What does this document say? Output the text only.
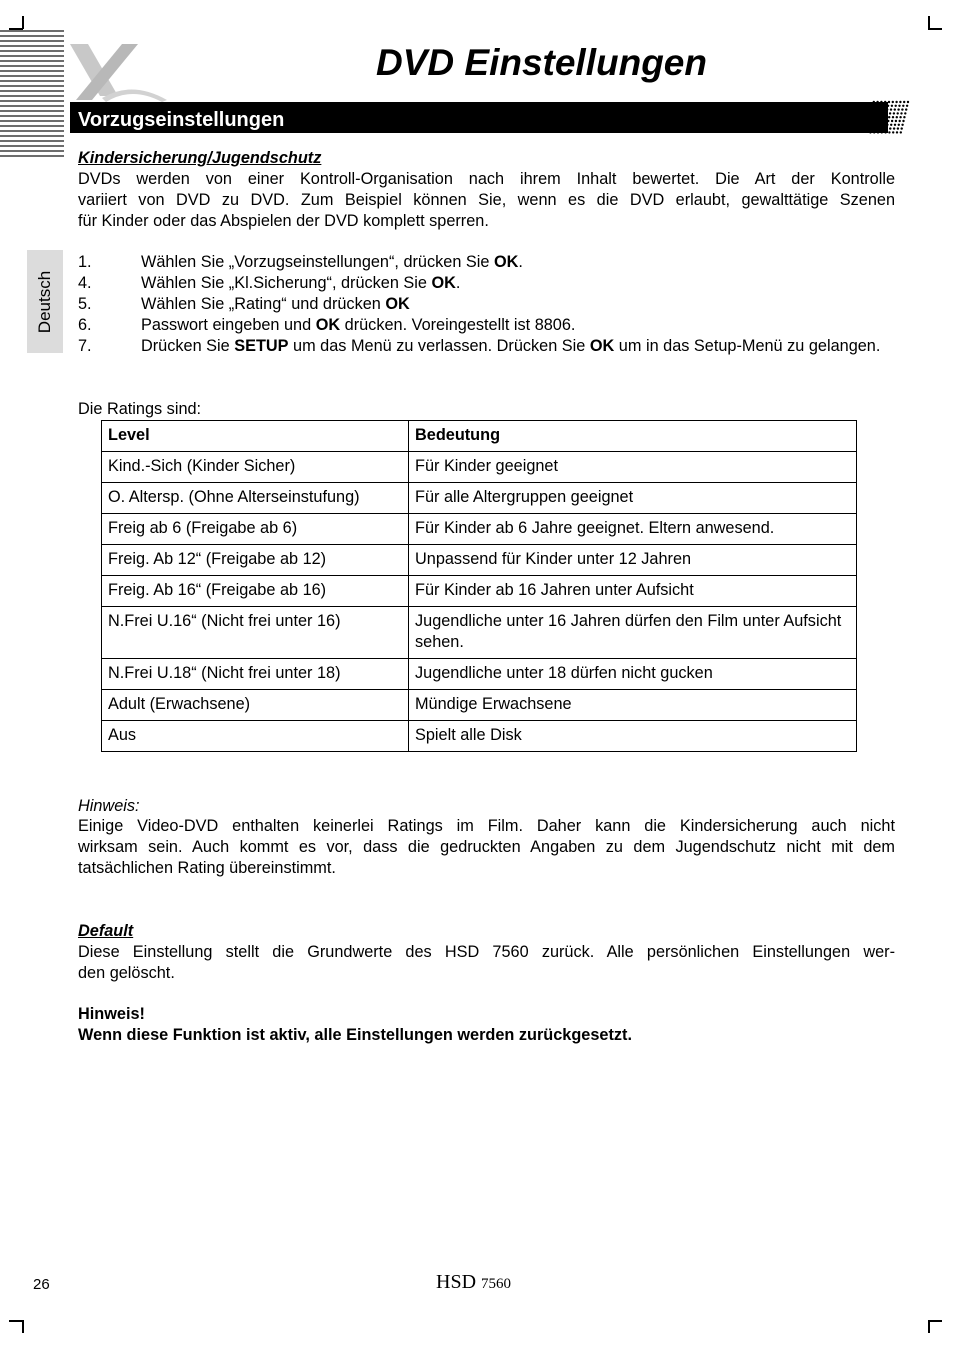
DVD Einstellungen
Vorzugseinstellungen
Deutsch
Kindersicherung/Jugendschutz
DVDs werden von einer Kontroll-Organisation nach ihrem Inhalt bewertet. Die Art der Kontrolle
variiert von DVD zu DVD. Zum Beispiel können Sie, wenn es die DVD erlaubt, gewalttätige Szenen
für Kinder oder das Abspielen der DVD komplett sperren.
1.	Wählen Sie „Vorzugseinstellungen“, drücken Sie OK.
4.	Wählen Sie „Kl.Sicherung“, drücken Sie OK.
5.	Wählen Sie „Rating“ und drücken OK
6.	Passwort eingeben und OK drücken. Voreingestellt ist 8806.
7.	Drücken Sie SETUP um das Menü zu verlassen. Drücken Sie OK um in das Setup-Menü zu gelangen.
Die Ratings sind:
Level	Bedeutung
Kind.-Sich (Kinder Sicher)	Für Kinder geeignet
O. Altersp. (Ohne Alterseinstufung)	Für alle Altergruppen geeignet
Freig ab 6 (Freigabe ab 6)	Für Kinder ab 6 Jahre geeignet. Eltern anwesend.
Freig. Ab 12“ (Freigabe ab 12)	Unpassend für Kinder unter 12 Jahren
Freig. Ab 16“ (Freigabe ab 16)	Für Kinder ab 16 Jahren unter Aufsicht
N.Frei U.16“ (Nicht frei unter 16)	Jugendliche unter 16 Jahren dürfen den Film unter Aufsicht sehen.
N.Frei U.18“ (Nicht frei unter 18)	Jugendliche unter 18 dürfen nicht gucken
Adult (Erwachsene)	Mündige Erwachsene
Aus	Spielt alle Disk
Hinweis:
Einige Video-DVD enthalten keinerlei Ratings im Film. Daher kann die Kindersicherung auch nicht
wirksam sein. Auch kommt es vor, dass die gedruckten Angaben zu dem Jugendschutz nicht mit dem
tatsächlichen Rating übereinstimmt.
Default
Diese Einstellung stellt die Grundwerte des HSD 7560 zurück. Alle persönlichen Einstellungen wer-
den gelöscht.
Hinweis!
Wenn diese Funktion ist aktiv, alle Einstellungen werden zurückgesetzt.
26	HSD 7560
